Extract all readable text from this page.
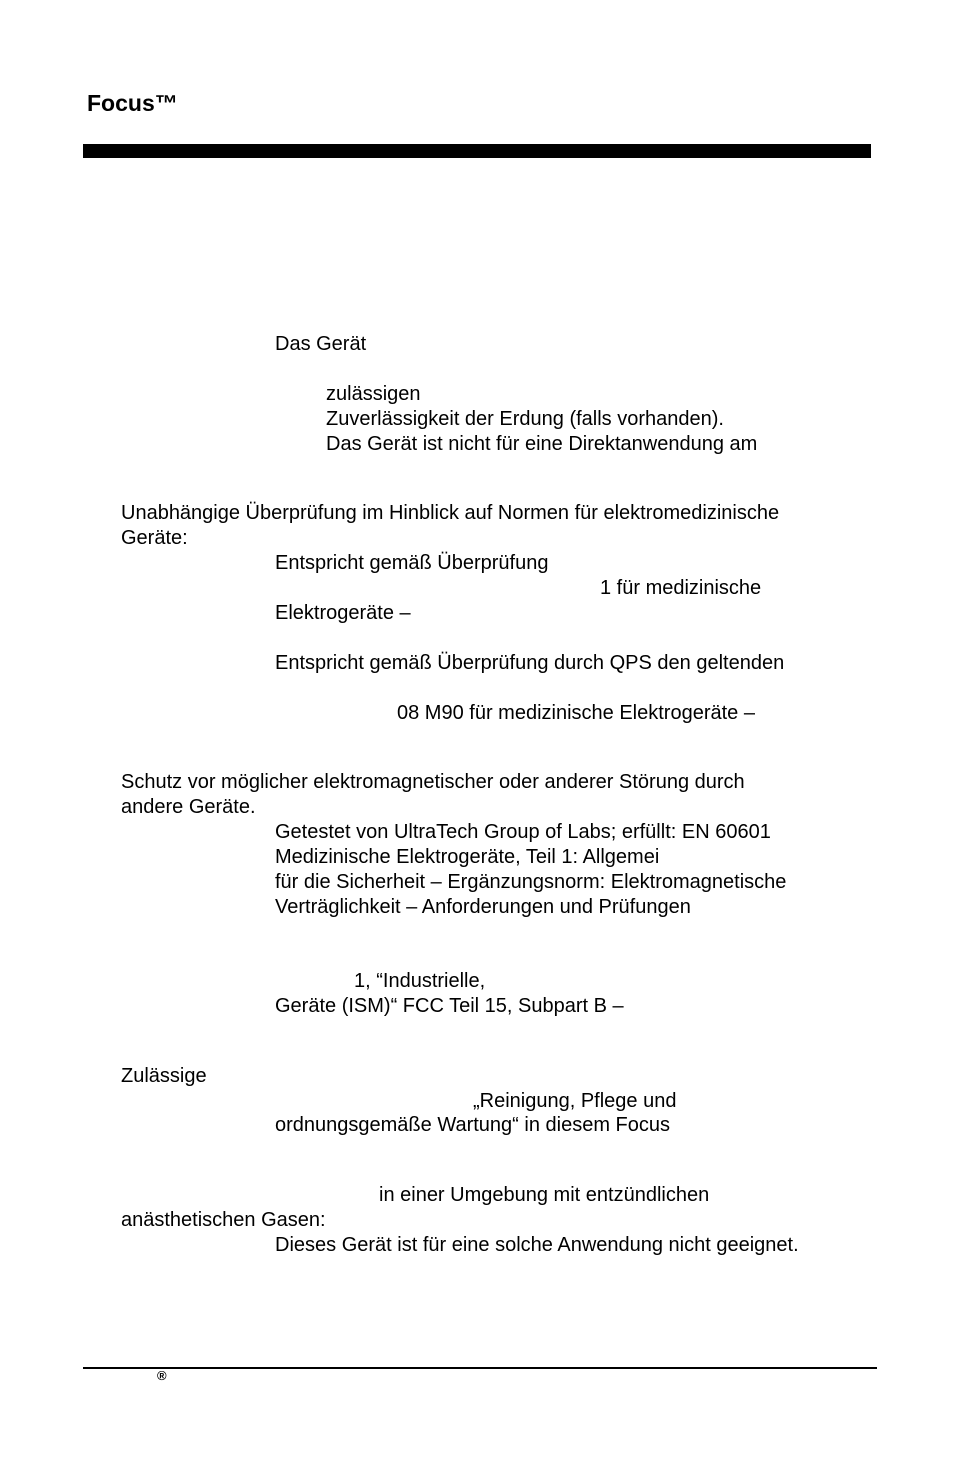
Focus™
Das Gerät
zulässigen
Zuverlässigkeit der Erdung (falls vorhanden).
Das Gerät ist nicht für eine Direktanwendung am
Unabhängige Überprüfung im Hinblick auf Normen für elektromedizinische
Geräte:
Entspricht gemäß Überprüfung
1 für medizinische
Elektrogeräte –
Entspricht gemäß Überprüfung durch QPS den geltenden
08 M90 für medizinische Elektrogeräte –
Schutz vor möglicher elektromagnetischer oder anderer Störung durch
andere Geräte.
Getestet von UltraTech Group of Labs; erfüllt: EN 60601
Medizinische Elektrogeräte, Teil 1: Allgemei
für die Sicherheit – Ergänzungsnorm: Elektromagnetische
Verträglichkeit – Anforderungen und Prüfungen
1, “Industrielle,
Geräte (ISM)“ FCC Teil 15, Subpart B –
Zulässige
„Reinigung, Pflege und
ordnungsgemäße Wartung“ in diesem Focus
in einer Umgebung mit entzündlichen
anästhetischen Gasen:
Dieses Gerät ist für eine solche Anwendung nicht geeignet.
®
